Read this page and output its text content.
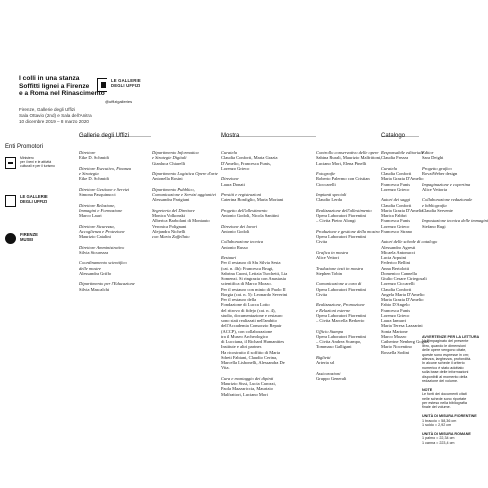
I colli in una stanza
Soffitti lignei a Firenze
e a Roma nel Rinascimento
Firenze, Gallerie degli Uffizi
Sala Ottavio (2nd) e Sala dell'Anitra
10 dicembre 2019 – 8 marzo 2020
LE GALLERIE
DEGLI UFFIZI
@uffizigalleries
Enti Promotori
Ministero
per i beni e le attività
culturali e per il turismo
LE GALLERIE
DEGLI UFFIZI
FIRENZE
MUSEI
Gallerie degli Uffizi
Direttore
Eike D. Schmidt
Direttore Esecutivo, Finanza
e Strategia
Eike D. Schmidt
Direttore Gestione e Servizi
Simona Pasquinucci
Direttore Relazione,
Immagini e Formazione
Marco Lauri
Direttore Sicurezza,
Accoglienza e Protezione
Maurizio Catalini
Direttore Amministrativo
Silvia Sicurezza
Coordinamento scientifico
delle mostre
Alessandra Griffo
Dipartimento per l'Educazione
Silvia Mascalchi

Dipartimento Informatica
e Strategie Digitali
Gianluca Chiarelli
Dipartimento Logistica Opere d'arte
Antonella Rosini
Dipartimento Pubblico,
Comunicazione e Servizi aggiuntivi
Alessandra Parigiani
Segreteria del Direttore
Monica Volkonski
Alberica Barbolani di Montauto
Veronica Polignani
Alejandra Nichelli
con Maria Zuffellato
Mostra
Curatela
Claudia Conforti, Maria Grazia
D'Amelio, Francesca Funis,
Lorenzo Grieco
Direzione
Laura Donati
Prestiti e registrazioni
Caterina Bonfiglio, Maria Moriani
Progetto dell'allestimento
Antonio Godoli, Nicola Sanitini
Direzione dei lavori
Antonio Godoli
Collaborazione tecnica
Antonio Russo
Restauri
Per il restauro di Sfu Silvia Sesta
(cat. n. 4b): Francesca Brugi,
Sabrina Cuoni, Letizia Turchetti, Lia
Somenzi. Si ringrazia con Anastasia
scientifica di Marco Mozzo.
Per il restauro con minio di Paolo II
Borgia (cat. n. 5): Leonardo Severini
Per il restauro della
Fondazione di Lucca Lotto
del ritrovo di fidejo (cat. n. 4),
studio, documentazione e restauro
sono stati realizzati nell'ambito
dell'Accademia Consorzio Repair
(ACCP), con collaborazione
tra il Museo Archeologico
di Lucciana, il Richard Humanities
Institute e altri partner.
Ha ricostruito il soffitto di Maria
Sdreti Fabiani, Claudio Cerina,
Marcella Lisbonelli, Alessandra De
Vita.
Cura e montaggio dei dipinti
Maurizio Sissi, Lucia Carozzi,
Paola Mazzariccia, Maurizio
Malfrattori, Luciano Mori

Controllo conservativo delle opere
Sabina Rurali, Maurizio Malfrittoni,
Luciano Mori, Elena Pinelli
Fotografie
Roberto Palermo con Cristian
Cioccarelli
Impianti speciali
Claudio Lerda
Realizzazione dell'allestimento
Opera Laboratori Fiorentini
– Civita Pietro Alongi
Produzione e gestione della mostra
Opera Laboratori Fiorentini
Civita
Grafica in mostra
Alice Vettori
Traduzione testi in mostra
Stephen Tobin
Comunicazione a cura di
Opera Laboratori Fiorentini
Civita
Realizzazione, Promozione
e Relazioni esterne
Opera Laboratori Fiorentini
– Civita Marcella Berkerio
Ufficio Stampa
Opera Laboratori Fiorentini
– Civita Andrea Scampo,
Tommaso Galligani
Biglietti
Arteria srl
Assicurazioni
Gruppo Generali
Catalogo
Responsabile editoriale
Claudia Frezza
Curatela
Claudia Conforti
Maria Grazia D'Amelio
Francesca Funis
Lorenzo Grieco
Autori dei saggi
Claudia Conforti
Maria Grazia D'Amelio
Marica Fabbri
Francesca Funis
Lorenzo Grieco
Francesco Strano
Autori delle schede di catalogo
Alessandro Agresti
Micaela Antonucci
Lucia Arpuini
Federico Bellini
Anna Bertolotti
Domenico Cannella
Giulio Cesare Ciriegosali
Lorenzo Ciccarelli
Claudia Conforti
Angela Maria D'Amelio
Maria Grazia D'Amelio
Fabio D'Angelo
Francesca Funis
Lorenzo Grieco
Laura Iamurri
Maria Teresa Lazzarini
Sonia Martone
Marco Mozzo
Catherine Nenberg Goguel
Mario Nocentino
Rossella Sodini

Editor
Sara Deighi
Progetto grafico
RovaiWeber design
Impaginazione e copertina
Alice Vettoria
Collaborazione redazionale
e bibliografia
Claudia Servente
Impostazione tecnica delle immagini
Stefano Rugi
AVVERTENZE PER LA LETTURA
Nell'impaginato del presente
libro, quando le dimensioni
delle opere vengono citate,
queste sono espresse in cm;
altezza, larghezza, profondità.
In alcune schede il criterio
numerico è stato adottato
sulla base delle informazioni
disponibili al momento della
redazione del volume.
NOTE
Le fonti dei documenti citati
nelle schede sono riportate
per esteso nella bibliografia
finale del volume.
UNITÀ DI MISURA FIORENTINE
1 braccio = 58,36 cm
1 soldo = 2,92 cm
UNITÀ DI MISURA ROMANE
1 palmo = 22,34 cm
1 canna = 223,4 cm
